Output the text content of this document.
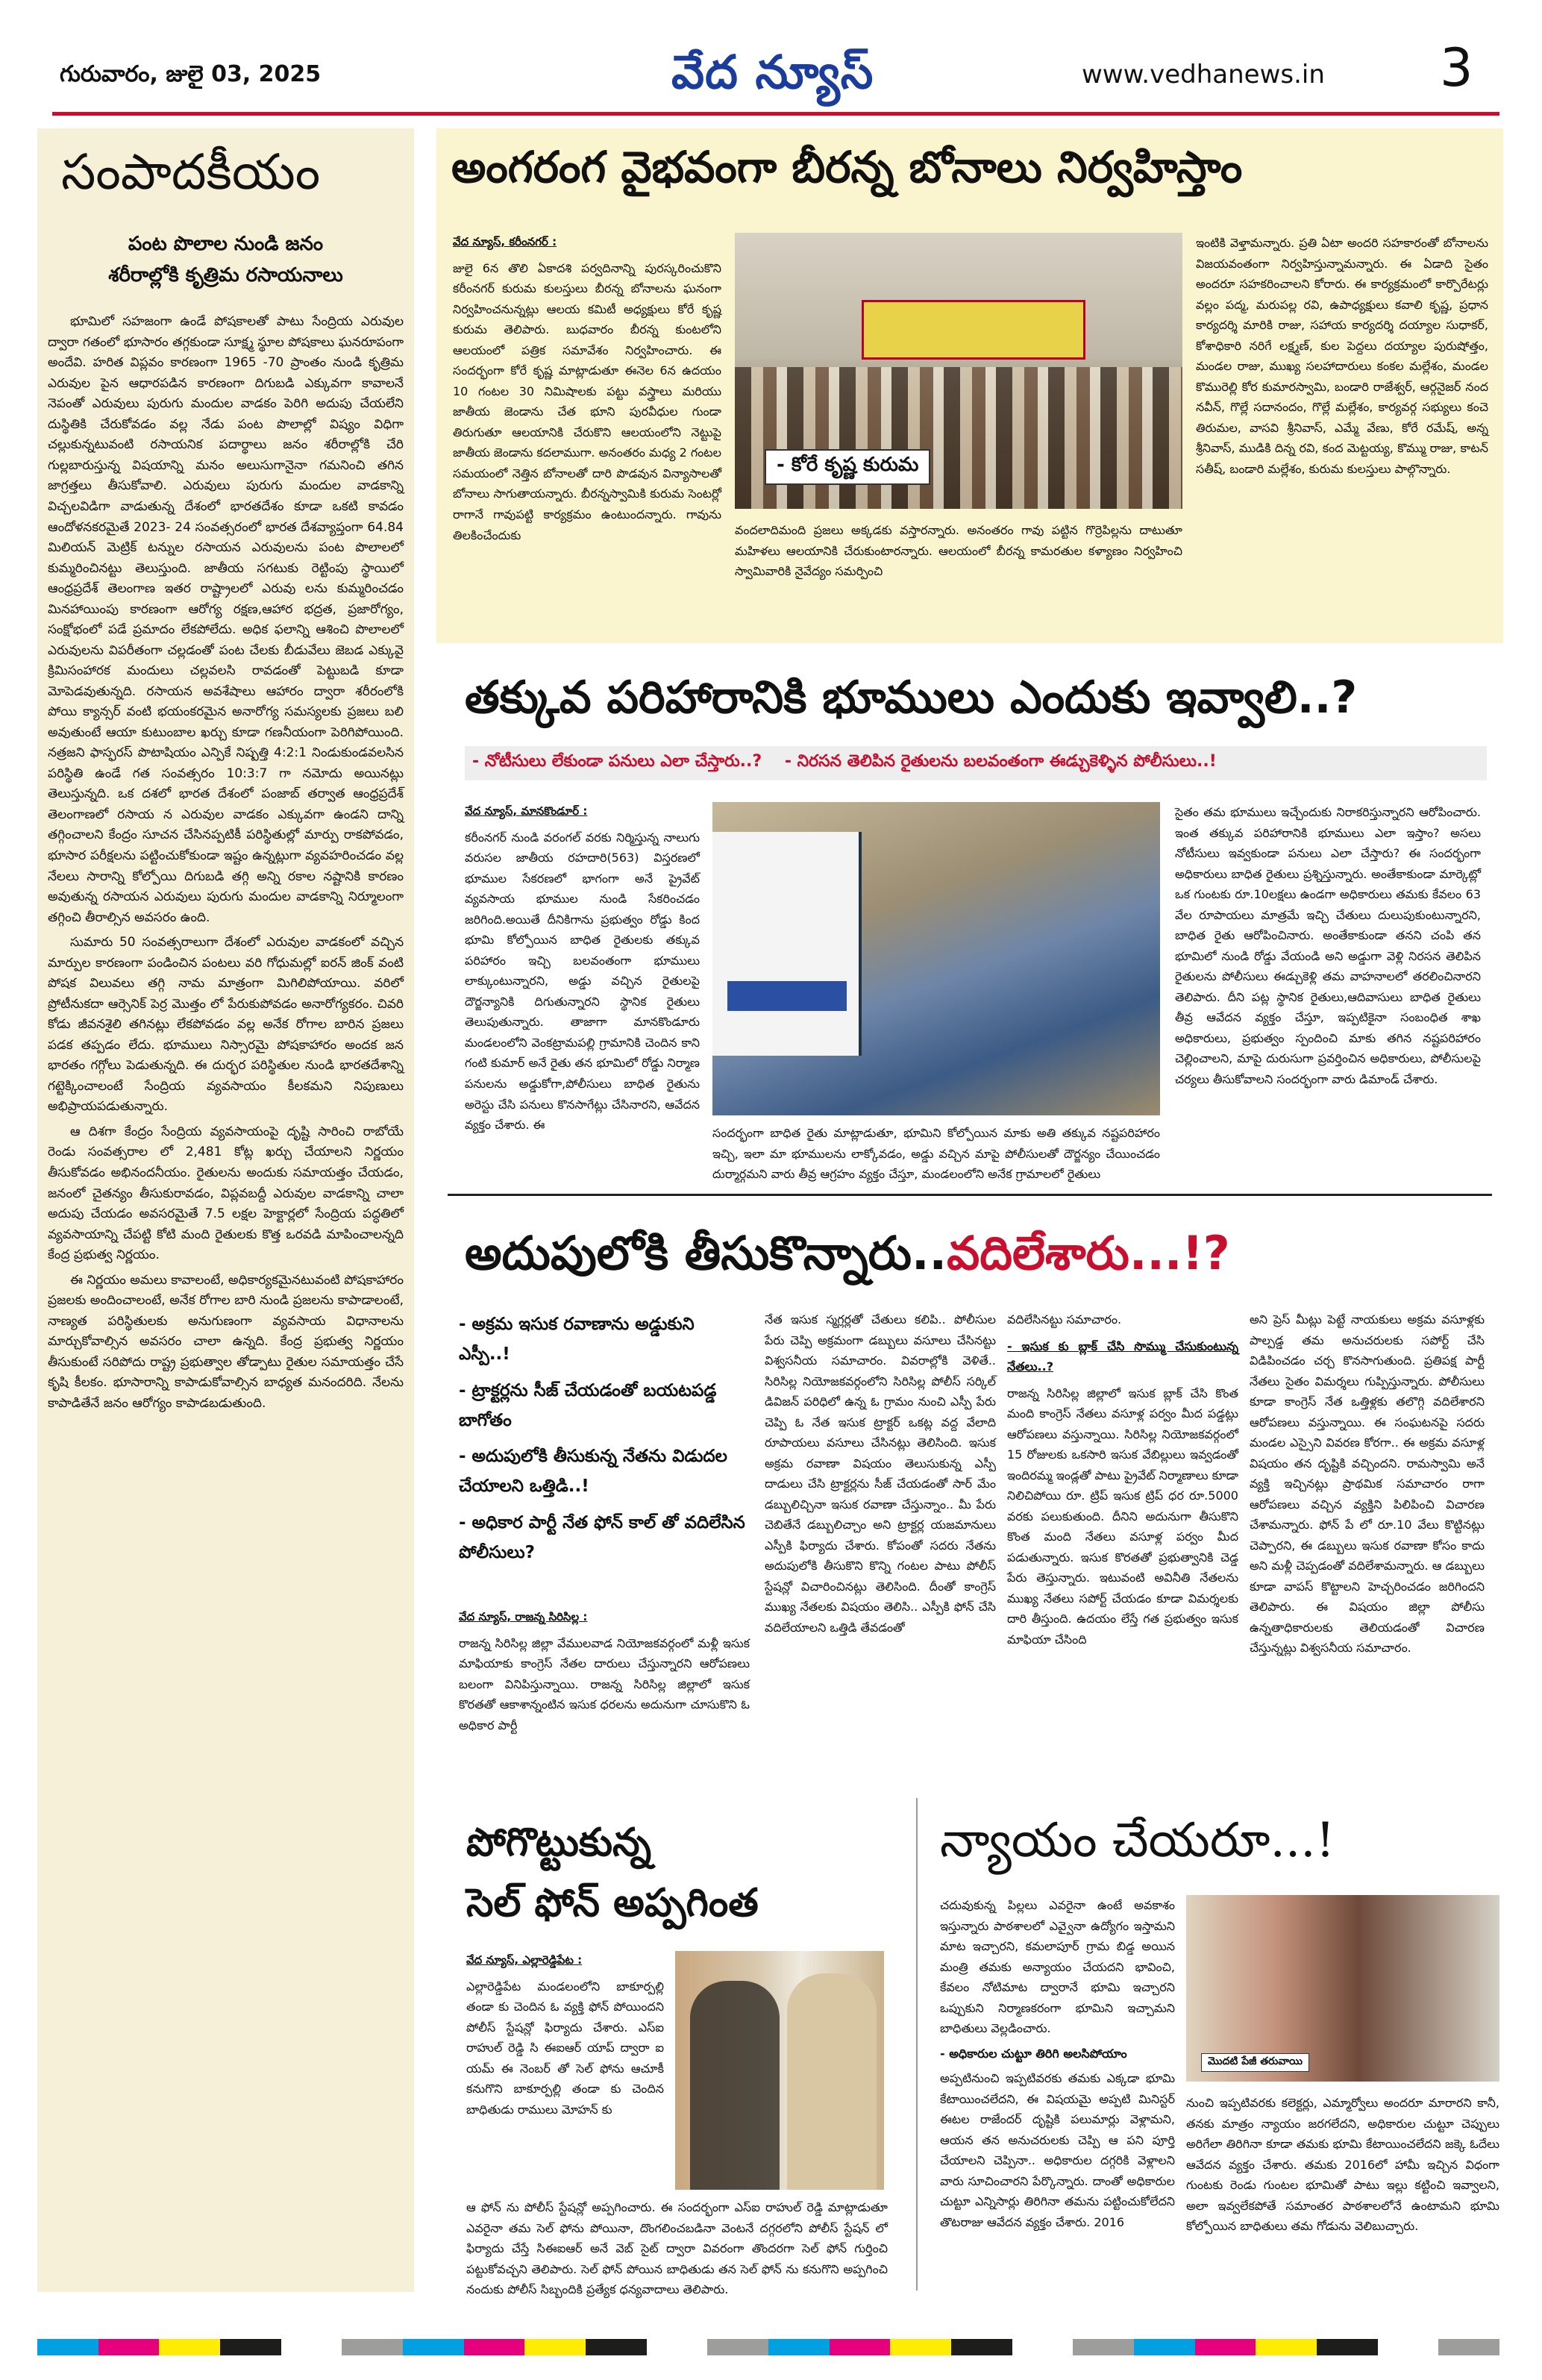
గురువారం, జులై 03, 2025	వేద న్యూస్	www.vedhanews.in 3
సంపాదకీయం
పంట పొలాల నుండి జనం
శరీరాల్లోకి కృత్రిమ రసాయనాలు

భూమిలో సహజంగా ఉండే పోషకాలతో పాటు సేంద్రియ ఎరువుల ద్వారా గతంలో భూసారం తగ్గకుండా సూక్ష్మ స్థూల పోషకాలు ఘనరూపంగా అందేవి. హరిత విప్లవం కారణంగా 1965 -70 ప్రాంతం నుండి కృత్రిమ ఎరువుల పైన ఆధారపడిన కారణంగా దిగుబడి ఎక్కువగా కావాలనే నెపంతో ఎరువులు పురుగు మందుల వాడకం పెరిగి అదుపు చేయలేని దుస్థితికి చేరుకోవడం వల్ల నేడు పంట పొలాల్లో విష్యం విధిగా చల్లుకున్నటువంటి రసాయనిక పదార్థాలు జనం శరీరాల్లోకి చేరి గుల్లబారుస్తున్న విషయాన్ని మనం అలుసుగానైనా గమనించి తగిన జాగ్రత్తలు తీసుకోవాలి. ఎరువులు పురుగు మందుల వాడకాన్ని విచ్చలవిడిగా వాడుతున్న దేశంలో భారతదేశం కూడా ఒకటి కావడం ఆందోళనకరమైతే 2023- 24 సంవత్సరంలో భారత దేశవ్యాప్తంగా 64.84 మిలియన్ మెట్రిక్ టన్నుల రసాయన ఎరువులను పంట పొలాలలో కుమ్మరించినట్టు తెలుస్తుంది. జాతీయ సగటుకు రెట్టింపు స్థాయిలో ఆంధ్రప్రదేశ్ తెలంగాణ ఇతర రాష్ట్రాలలో ఎరువు లను కుమ్మరించడం మినహాయింపు కారణంగా ఆరోగ్య రక్షణ,ఆహార భద్రత, ప్రజారోగ్యం, సంక్షోభంలో పడే ప్రమాదం లేకపోలేదు. అధిక ఫలాన్ని ఆశించి పొలాలలో ఎరువులను విపరీతంగా చల్లడంతో పంట చేలకు బీడువేలు జెబడ ఎక్కువై క్రిమిసంహారక మందులు చల్లవలసి రావడంతో పెట్టుబడి కూడా మోపెడవుతున్నది. రసాయన అవశేషాలు ఆహారం ద్వారా శరీరంలోకి పోయి క్యాన్సర్ వంటి భయంకరమైన అనారోగ్య సమస్యలకు ప్రజలు బలి అవుతుంటే ఆయా కుటుంబాల ఖర్చు కూడా గణనీయంగా పెరిగిపోయింది. నత్రజని ఫాస్ఫరస్ పొటాషియం ఎన్పికే నిష్పత్తి 4:2:1 నిండుకుండవలసిన పరిస్థితి ఉండే గత సంవత్సరం 10:3:7 గా నమోదు అయినట్లు తెలుస్తున్నది. ఒక దశలో భారత దేశంలో పంజాబ్ తర్వాత ఆంధ్రప్రదేశ్ తెలంగాణలో రసాయ న ఎరువుల వాడకం ఎక్కువగా ఉండని దాన్ని తగ్గించాలని కేంద్రం సూచన చేసినప్పటికీ పరిస్థితుల్లో మార్పు రాకపోవడం, భూసార పరీక్షలను పట్టించుకోకుండా ఇష్టం ఉన్నట్లుగా వ్యవహరించడం వల్ల నేలలు సారాన్ని కోల్పోయి దిగుబడి తగ్గి అన్ని రకాల నష్టానికి కారణం అవుతున్న రసాయన ఎరువులు పురుగు మందుల వాడకాన్ని నిర్మూలంగా తగ్గించి తీరాల్సిన అవసరం ఉంది.

సుమారు 50 సంవత్సరాలుగా దేశంలో ఎరువుల వాడకంలో వచ్చిన మార్పుల కారణంగా పండించిన పంటలు వరి గోధుమల్లో ఐరన్ జింక్ వంటి పోషక విలువలు తగ్గి నామ మాత్రంగా మిగిలిపోయాయి. వరిలో ప్రోటీనుకదా ఆర్సెనిక్ పెర్ర మొత్తం లో పేరుకుపోవడం అనారోగ్యకరం. చివరి కోడు జీవనశైలి తగినట్లు లేకపోవడం వల్ల అనేక రోగాల బారిన ప్రజలు పడక తప్పడం లేదు. భూములు నిస్సారమై పోషకాహారం అందక జన భారతం గగ్గోలు పెడుతున్నది. ఈ దుర్భర పరిస్థితుల నుండి భారతదేశాన్ని గట్టెక్కించాలంటే సేంద్రియ వ్యవసాయం కీలకమని నిపుణులు అభిప్రాయపడుతున్నారు.

ఆ దిశగా కేంద్రం సేంద్రియ వ్యవసాయంపై దృష్టి సారించి రాబోయే రెండు సంవత్సరాల లో 2,481 కోట్ల ఖర్చు చేయాలని నిర్ణయం తీసుకోవడం అభినందనీయం. రైతులను అందుకు సమాయత్తం చేయడం, జనంలో చైతన్యం తీసుకురావడం, విప్లవబద్దీ ఎరువుల వాడకాన్ని చాలా అదుపు చేయడం అవసరమైతే 7.5 లక్షల హెక్టార్లలో సేంద్రియ పద్ధతిలో వ్యవసాయాన్ని చేపట్టి కోటి మంది రైతులకు కొత్త ఒరవడి మాపించాలన్నది కేంద్ర ప్రభుత్వ నిర్ణయం.

ఈ నిర్ణయం అమలు కావాలంటే, అధికార్యకమైనటువంటి పోషకాహారం ప్రజలకు అందించాలంటే, అనేక రోగాల బారి నుండి ప్రజలను కాపాడాలంటే, నాణ్యత పరిస్థితులకు అనుగుణంగా వ్యవసాయ విధానాలను మార్చుకోవాల్సిన అవసరం చాలా ఉన్నది. కేంద్ర ప్రభుత్వ నిర్ణయం తీసుకుంటే సరిపోదు రాష్ట్ర ప్రభుత్వాల తోడ్పాటు రైతుల సమాయత్తం చేసే కృషి కీలకం. భూసారాన్ని కాపాడుకోవాల్సిన బాధ్యత మనందరిది. నేలను కాపాడితేనే జనం ఆరోగ్యం కాపాడబడుతుంది.

అంగరంగ వైభవంగా బీరన్న బోనాలు నిర్వహిస్తాం
వేద న్యూస్, కరీంనగర్ :
జులై 6న తొలి ఏకాదశి పర్వదినాన్ని పురస్కరించుకొని కరీంనగర్ కురుమ కులస్తులు బీరన్న బోనాలను ఘనంగా నిర్వహించనున్నట్లు ఆలయ కమిటీ అధ్యక్షులు కోరే కృష్ణ కురుమ తెలిపారు. బుధవారం బీరన్న కుంటలోని ఆలయంలో పత్రిక సమావేశం నిర్వహించారు. ఈ సందర్భంగా కోరే కృష్ణ మాట్లాడుతూ ఈనెల 6న ఉదయం 10 గంటల 30 నిమిషాలకు పట్టు వస్త్రాలు మరియు జాతీయ జెండాను చేత భూని పురవీధుల గుండా తిరుగుతూ ఆలయానికి చేరుకొని ఆలయంలోని నెట్టుపై జాతీయ జెండాను కదలాముగా. అనంతరం మధ్య 2 గంటల సమయంలో నెత్తిన బోనాలతో దారి పొడవున విన్యాసాలతో బోనాలు సాగుతాయన్నారు. బీరన్నస్వామికి కురుమ సెంటర్లో రాగానే గావుపట్టి కార్యక్రమం ఉంటుందన్నారు. గావును తిలకించేందుకు
- కోరే కృష్ణ కురుమ
వందలాదిమంది ప్రజలు అక్కడకు వస్తారన్నారు. అనంతరం గావు పట్టిన గొర్రెపిల్లను దాటుతూ మహిళలు ఆలయానికి చేరుకుంటారన్నారు. ఆలయంలో బీరన్న కామరతుల కళ్యాణం నిర్వహించి స్వామివారికి నైవేద్యం సమర్పించి
ఇంటికి వెళ్తామన్నారు. ప్రతి ఏటా అందరి సహకారంతో బోనాలను విజయవంతంగా నిర్వహిస్తున్నామన్నారు. ఈ ఏడాది సైతం అందరూ సహకరించాలని కోరారు. ఈ కార్యక్రమంలో కార్పొరేటర్లు వల్లం పద్మ, మరుపల్ల రవి, ఉపాధ్యక్షులు కవాలి కృష్ణ, ప్రధాన కార్యదర్శి మారికి రాజు, సహాయ కార్యదర్శి దయ్యాల సుధాకర్, కోశాధికారి నరిగే లక్ష్మణ్, కుల పెద్దలు దయ్యాల పురుషోత్తం, మండల రాజు, ముఖ్య సలహాదారులు కంకల మల్లేశం, మండల కొమురెల్లి కోర కుమారస్వామి, బండారి రాజేశ్వర్, ఆర్గనైజర్ నంద నవీన్, గొల్లే సదానందం, గొల్లే మల్లేశం, కార్యవర్గ సభ్యులు కంచె తిరుమల, వాసవి శ్రీనివాస్, ఎమ్మే వేణు, కోరే రమేష్, అన్న శ్రీనివాస్, ముడికి దిన్న రవి, కంద మెట్టయ్య, కొమ్ము రాజు, కాటన్ సతీష్, బండారి మల్లేశం, కురుమ కులస్తులు పాల్గొన్నారు.
తక్కువ పరిహారానికి భూములు ఎందుకు ఇవ్వాలి..?
- నోటీసులు లేకుండా పనులు ఎలా చేస్తారు..? - నిరసన తెలిపిన రైతులను బలవంతంగా ఈడ్చుకెళ్ళిన పోలీసులు..!
వేద న్యూస్, మానకొండూర్ :
కరీంనగర్ నుండి వరంగల్ వరకు నిర్మిస్తున్న నాలుగు వరుసల జాతీయ రహదారి(563) విస్తరణలో భూముల సేకరణలో భాగంగా అనే ప్రైవేట్ వ్యవసాయ భూముల నుండి సేకరించడం జరిగింది.అయితే దీనికిగాను ప్రభుత్వం రోడ్డు కింద భూమి కోల్పోయిన బాధిత రైతులకు తక్కువ పరిహారం ఇచ్చి బలవంతంగా భూములు లాక్కుంటున్నారని, అడ్డు వచ్చిన రైతులపై దౌర్జన్యానికి దిగుతున్నారని స్థానిక రైతులు తెలుపుతున్నారు. తాజాగా మానకొండూరు మండలంలోని వెంకట్రామపల్లి గ్రామానికి చెందిన కాని గంటి కుమార్ అనే రైతు తన భూమిలో రోడ్డు నిర్మాణ పనులను అడ్డుకోగా,పోలీసులు బాధిత రైతును అరెస్టు చేసి పనులు కొనసాగేట్లు చేసినారని, ఆవేదన వ్యక్తం చేశారు. ఈ
సందర్భంగా బాధిత రైతు మాట్లాడుతూ, భూమిని కోల్పోయిన మాకు అతి తక్కువ నష్టపరిహారం ఇచ్చి, ఇలా మా భూములను లాక్కోవడం, అడ్డు వచ్చిన మాపై పోలీసులతో దౌర్జన్యం చేయించడం దుర్మార్గమని వారు తీవ్ర ఆగ్రహం వ్యక్తం చేస్తూ, మండలంలోని అనేక గ్రామాలలో రైతులు
సైతం తమ భూములు ఇచ్చేందుకు నిరాకరిస్తున్నారని ఆరోపించారు. ఇంత తక్కువ పరిహారానికి భూములు ఎలా ఇస్తాం? అసలు నోటీసులు ఇవ్వకుండా పనులు ఎలా చేస్తారు? ఈ సందర్భంగా అధికారులు బాధిత రైతులు ప్రశ్నిస్తున్నారు. అంతేకాకుండా మార్కెట్లో ఒక గుంటకు రూ.10లక్షలు ఉండగా అధికారులు తమకు కేవలం 63 వేల రూపాయలు మాత్రమే ఇచ్చి చేతులు దులుపుకుంటున్నారని, బాధిత రైతు ఆరోపించినారు. అంతేకాకుండా తనని చంపి తన భూమిలో నుండి రోడ్డు వేయండి అని అడ్డుగా వెళ్లి నిరసన తెలిపిన రైతులను పోలీసులు ఈడ్చుకెళ్లి తమ వాహనాలలో తరలించినారని తెలిపారు. దీని పట్ల స్థానిక రైతులు,ఆదివాసులు బాధిత రైతులు తీవ్ర ఆవేదన వ్యక్తం చేస్తూ, ఇప్పటికైనా సంబంధిత శాఖ అధికారులు, ప్రభుత్వం స్పందించి మాకు తగిన నష్టపరిహారం చెల్లించాలని, మాపై దురుసుగా ప్రవర్తించిన అధికారులు, పోలీసులపై చర్యలు తీసుకోవాలని సందర్భంగా వారు డిమాండ్ చేశారు.
అదుపులోకి తీసుకొన్నారు..వదిలేశారు...!?
- అక్రమ ఇసుక రవాణాను అడ్డుకుని ఎస్పీ..!
- ట్రాక్టర్లను సీజ్ చేయడంతో బయటపడ్డ బాగోతం
- అదుపులోకి తీసుకున్న నేతను విడుదల చేయాలని ఒత్తిడి..!
- అధికార పార్టీ నేత ఫోన్ కాల్ తో వదిలేసిన పోలీసులు?
వేద న్యూస్, రాజన్న సిరిసిల్ల :
రాజన్న సిరిసిల్ల జిల్లా వేములవాడ నియోజకవర్గంలో మళ్లీ ఇసుక మాఫియాకు కాంగ్రెస్ నేతల దారులు చేస్తున్నారని ఆరోపణలు బలంగా వినిపిస్తున్నాయి. రాజన్న సిరిసిల్ల జిల్లాలో ఇసుక కొరతతో ఆకాశాన్నంటిన ఇసుక ధరలను అదునుగా చూసుకొని ఓ అధికార పార్టీ
నేత ఇసుక స్మగ్లర్లతో చేతులు కలిపి.. పోలీసుల పేరు చెప్పి అక్రమంగా డబ్బులు వసూలు చేసినట్టు విశ్వసనీయ సమాచారం. వివరాల్లోకి వెళితే.. సిరిసిల్ల నియోజకవర్గంలోని సిరిసిల్ల పోలీస్ సర్కిల్ డివిజన్ పరిధిలో ఉన్న ఓ గ్రామం నుంచి ఎస్పీ పేరు చెప్పి ఓ నేత ఇసుక ట్రాక్టర్ ఒకట్ల వద్ద వేలాది రూపాయలు వసూలు చేసినట్లు తెలిసింది. ఇసుక అక్రమ రవాణా విషయం తెలుసుకున్న ఎస్పీ దాడులు చేసి ట్రాక్టర్లను సీజ్ చేయడంతో సార్ మేం డబ్బులిచ్చినా ఇసుక రవాణా చేస్తున్నాం.. మీ పేరు చెబితేనే డబ్బులిచ్చాం అని ట్రాక్టర్ల యజమానులు ఎస్పీకి ఫిర్యాదు చేశారు. కోపంతో సదరు నేతను అదుపులోకి తీసుకొని కొన్ని గంటల పాటు పోలీస్ స్టేషన్లో విచారించినట్లు తెలిసింది. దీంతో కాంగ్రెస్ ముఖ్య నేతలకు విషయం తెలిసి.. ఎస్పీకి ఫోన్ చేసి వదిలేయాలని ఒత్తిడి తేవడంతో
వదిలేసినట్టు సమాచారం.
- ఇసుక కు బ్లాక్ చేసి సొమ్ము చేసుకుంటున్న నేతలు..?
రాజన్న సిరిసిల్ల జిల్లాలో ఇసుక బ్లాక్ చేసి కొంత మంది కాంగ్రెస్ నేతలు వసూళ్ల పర్వం మీద పడ్డట్లు ఆరోపణలు వస్తున్నాయి. సిరిసిల్ల నియోజకవర్గంలో 15 రోజులకు ఒకసారి ఇసుక వేబిల్లులు ఇవ్వడంతో ఇందిరమ్మ ఇండ్లతో పాటు ప్రైవేట్ నిర్మాణాలు కూడా నిలిచిపోయి రూ. ట్రిప్ ఇసుక ట్రిప్ ధర రూ.5000 వరకు పలుకుతుంది. దీనిని అదునుగా తీసుకొని కొంత మంది నేతలు వసూళ్ల పర్వం మీద పడుతున్నారు. ఇసుక కొరతతో ప్రభుత్వానికి చెడ్డ పేరు తెస్తున్నారు. ఇటువంటి అవినీతి నేతలను ముఖ్య నేతలు సపోర్ట్ చేయడం కూడా విమర్శలకు దారి తీస్తుంది. ఉదయం లేస్తే గత ప్రభుత్వం ఇసుక మాఫియా చేసింది
అని ప్రెస్ మీట్లు పెట్టే నాయకులు అక్రమ వసూళ్లకు పాల్పడ్డ తమ అనుచరులకు సపోర్ట్ చేసి విడిపించడం చర్చ కొనసాగుతుంది. ప్రతిపక్ష పార్టీ నేతలు సైతం విమర్శలు గుప్పిస్తున్నారు. పోలీసులు కూడా కాంగ్రెస్ నేత ఒత్తిళ్లకు తలొగ్గి వదిలేశారని ఆరోపణలు వస్తున్నాయి. ఈ సంఘటనపై సదరు మండల ఎస్సైని వివరణ కోరగా.. ఈ అక్రమ వసూళ్ల విషయం తన దృష్టికి వచ్చిందని. రామస్వామి అనే వ్యక్తి ఇచ్చినట్లు ప్రాథమిక సమాచారం రాగా ఆరోపణలు వచ్చిన వ్యక్తిని పిలిపించి విచారణ చేశామన్నారు. ఫోన్ పే లో రూ.10 వేలు కొట్టినట్లు చెప్పారని, ఈ డబ్బులు ఇసుక రవాణా కోసం కాదు అని మళ్లీ చెప్పడంతో వదిలేశామన్నారు. ఆ డబ్బులు కూడా వాపస్ కొట్టాలని హెచ్చరించడం జరిగిందని తెలిపారు. ఈ విషయం జిల్లా పోలీసు ఉన్నతాధికారులకు తెలియడంతో విచారణ చేస్తున్నట్లు విశ్వసనీయ సమాచారం.
పోగొట్టుకున్న
సెల్ ఫోన్ అప్పగింత
వేద న్యూస్, ఎల్లారెడ్డిపేట :
ఎల్లారెడ్డిపేట మండలంలోని బాకూర్పల్లి తండా కు చెందిన ఓ వ్యక్తి ఫోన్ పోయిందని పోలీస్ స్టేషన్లో ఫిర్యాదు చేశారు. ఎస్ఐ రాహుల్ రెడ్డి సి ఈఐఆర్ యాప్ ద్వారా ఐ యమ్ ఈ నెంబర్ తో సెల్ ఫోను ఆచూకీ కనుగొని బాకూర్పల్లి తండా కు చెందిన బాధితుడు రాములు మోహన్ కు
ఆ ఫోన్ ను పోలీస్ స్టేషన్లో అప్పగించారు. ఈ సందర్భంగా ఎస్ఐ రాహుల్ రెడ్డి మాట్లాడుతూ ఎవరైనా తమ సెల్ ఫోను పోయినా, దొంగలించబడినా వెంటనే దగ్గరలోని పోలీస్ స్టేషన్ లో ఫిర్యాదు చేస్తే సిఈఐఆర్ అనే వెబ్ సైట్ ద్వారా వివరంగా తొందరగా సెల్ ఫోన్ గుర్తించి పట్టుకోవచ్చని తెలిపారు. సెల్ ఫోన్ పోయిన బాధితుడు తన సెల్ ఫోన్ ను కనుగొని అప్పగించి నందుకు పోలీస్ సిబ్బందికి ప్రత్యేక ధన్యవాదాలు తెలిపారు.
న్యాయం చేయరూ...!
చదువుకున్న పిల్లలు ఎవరైనా ఉంటే అవకాశం ఇస్తున్నారు పాఠశాలలో ఎవ్వైనా ఉద్యోగం ఇస్తామని మాట ఇచ్చారని, కమలాపూర్ గ్రామ బిడ్డ అయిన మంత్రి తమకు అన్యాయం చేయదని భావించి, కేవలం నోటిమాట ద్వారానే భూమి ఇచ్చారని ఒప్పుకుని నిర్మాణకరంగా భూమిని ఇచ్చామని బాధితులు వెల్లడించారు.
- అధికారుల చుట్టూ తిరిగి అలసిపోయాం
అప్పటినుంచి ఇప్పటివరకు తమకు ఎక్కడా భూమి కేటాయించలేదని, ఈ విషయమై అప్పటి మినిస్టర్ ఈటల రాజేందర్ దృష్టికి పలుమార్లు వెళ్లామని, ఆయన తన అనుచరులకు చెప్పి ఆ పని పూర్తి చేయాలని చెప్పినా.. అధికారుల దగ్గరికి వెళ్లాలని వారు సూచించారని పేర్కొన్నారు. దాంతో అధికారుల చుట్టూ ఎన్నిసార్లు తిరిగినా తమను పట్టించుకోలేదని తొటరాజు ఆవేదన వ్యక్తం చేశారు. 2016
మొదటి పేజీ తరువాయి
నుంచి ఇప్పటివరకు కలెక్టర్లు, ఎమ్మార్వోలు అందరూ మారారని కానీ, తనకు మాత్రం న్యాయం జరగలేదని, అధికారుల చుట్టూ చెప్పులు అరిగేలా తిరిగినా కూడా తమకు భూమి కేటాయించలేదని జక్కె ఓదేలు ఆవేదన వ్యక్తం చేశారు. తమకు 2016లో హామీ ఇచ్చిన విధంగా గుంటకు రెండు గుంటల భూమితో పాటు ఇల్లు కట్టించి ఇవ్వాలని, అలా ఇవ్వలేకపోతే సమాంతర పాఠశాలలోనే ఉంటామని భూమి కోల్పోయిన బాధితులు తమ గోడును వెలిబుచ్చారు.
